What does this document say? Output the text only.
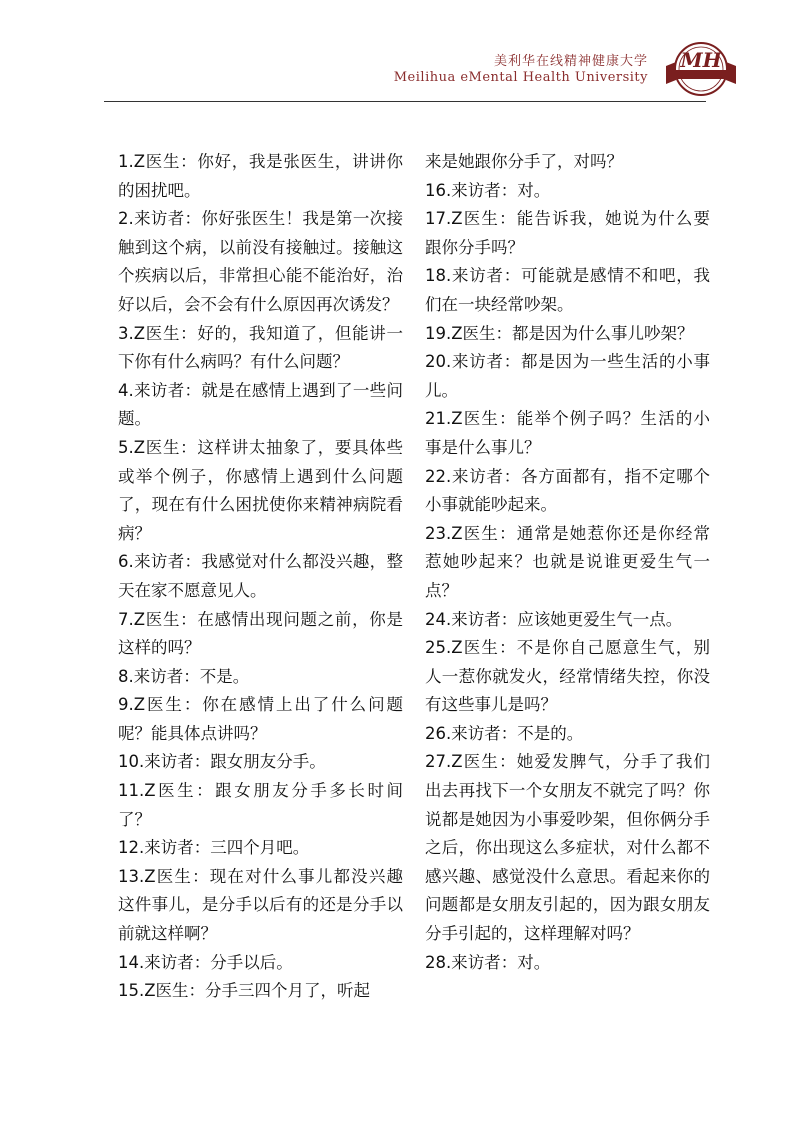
美利华在线精神健康大学
Meilihua eMental Health University
MH

1.Z医生：你好，我是张医生，讲讲你的困扰吧。

2.来访者：你好张医生！我是第一次接触到这个病，以前没有接触过。接触这个疾病以后，非常担心能不能治好，治好以后，会不会有什么原因再次诱发？

3.Z医生：好的，我知道了，但能讲一下你有什么病吗？有什么问题？

4.来访者：就是在感情上遇到了一些问题。

5.Z医生：这样讲太抽象了，要具体些或举个例子，你感情上遇到什么问题了，现在有什么困扰使你来精神病院看病？

6.来访者：我感觉对什么都没兴趣，整天在家不愿意见人。

7.Z医生：在感情出现问题之前，你是这样的吗？

8.来访者：不是。

9.Z医生：你在感情上出了什么问题呢？能具体点讲吗？

10.来访者：跟女朋友分手。

11.Z医生：跟女朋友分手多长时间了？

12.来访者：三四个月吧。

13.Z医生：现在对什么事儿都没兴趣这件事儿，是分手以后有的还是分手以前就这样啊？

14.来访者：分手以后。

15.Z医生：分手三四个月了，听起

来是她跟你分手了，对吗？

16.来访者：对。

17.Z医生：能告诉我，她说为什么要跟你分手吗？

18.来访者：可能就是感情不和吧，我们在一块经常吵架。

19.Z医生：都是因为什么事儿吵架？

20.来访者：都是因为一些生活的小事儿。

21.Z医生：能举个例子吗？生活的小事是什么事儿？

22.来访者：各方面都有，指不定哪个小事就能吵起来。

23.Z医生：通常是她惹你还是你经常惹她吵起来？也就是说谁更爱生气一点？

24.来访者：应该她更爱生气一点。

25.Z医生：不是你自己愿意生气，别人一惹你就发火，经常情绪失控，你没有这些事儿是吗？

26.来访者：不是的。

27.Z医生：她爱发脾气，分手了我们出去再找下一个女朋友不就完了吗？你说都是她因为小事爱吵架，但你俩分手之后，你出现这么多症状，对什么都不感兴趣、感觉没什么意思。看起来你的问题都是女朋友引起的，因为跟女朋友分手引起的，这样理解对吗？

28.来访者：对。
